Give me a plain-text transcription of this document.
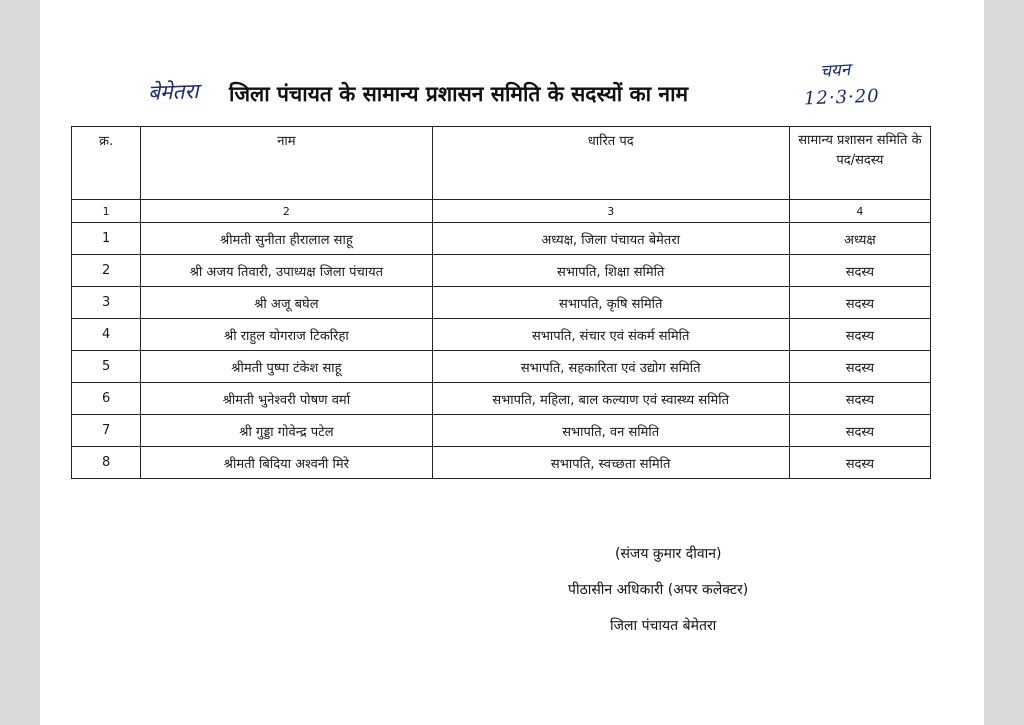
बेमेतरा जिला पंचायत के सामान्य प्रशासन समिति के सदस्यों का नाम
चयन
12·3·20
क्र.	नाम	धारित पद	सामान्य प्रशासन समिति के पद/सदस्य
1	2	3	4
1	श्रीमती सुनीता हीरालाल साहू	अध्यक्ष, जिला पंचायत बेमेतरा	अध्यक्ष
2	श्री अजय तिवारी, उपाध्यक्ष जिला पंचायत	सभापति, शिक्षा समिति	सदस्य
3	श्री अजू बघेल	सभापति, कृषि समिति	सदस्य
4	श्री राहुल योगराज टिकरिहा	सभापति, संचार एवं संकर्म समिति	सदस्य
5	श्रीमती पुष्पा टंकेश साहू	सभापति, सहकारिता एवं उद्योग समिति	सदस्य
6	श्रीमती भुनेश्वरी पोषण वर्मा	सभापति, महिला, बाल कल्याण एवं स्वास्थ्य समिति	सदस्य
7	श्री गुड्डा गोवेन्द्र पटेल	सभापति, वन समिति	सदस्य
8	श्रीमती बिदिया अश्वनी मिरे	सभापति, स्वच्छता समिति	सदस्य
(संजय कुमार दीवान)
पीठासीन अधिकारी (अपर कलेक्टर)
जिला पंचायत बेमेतरा
